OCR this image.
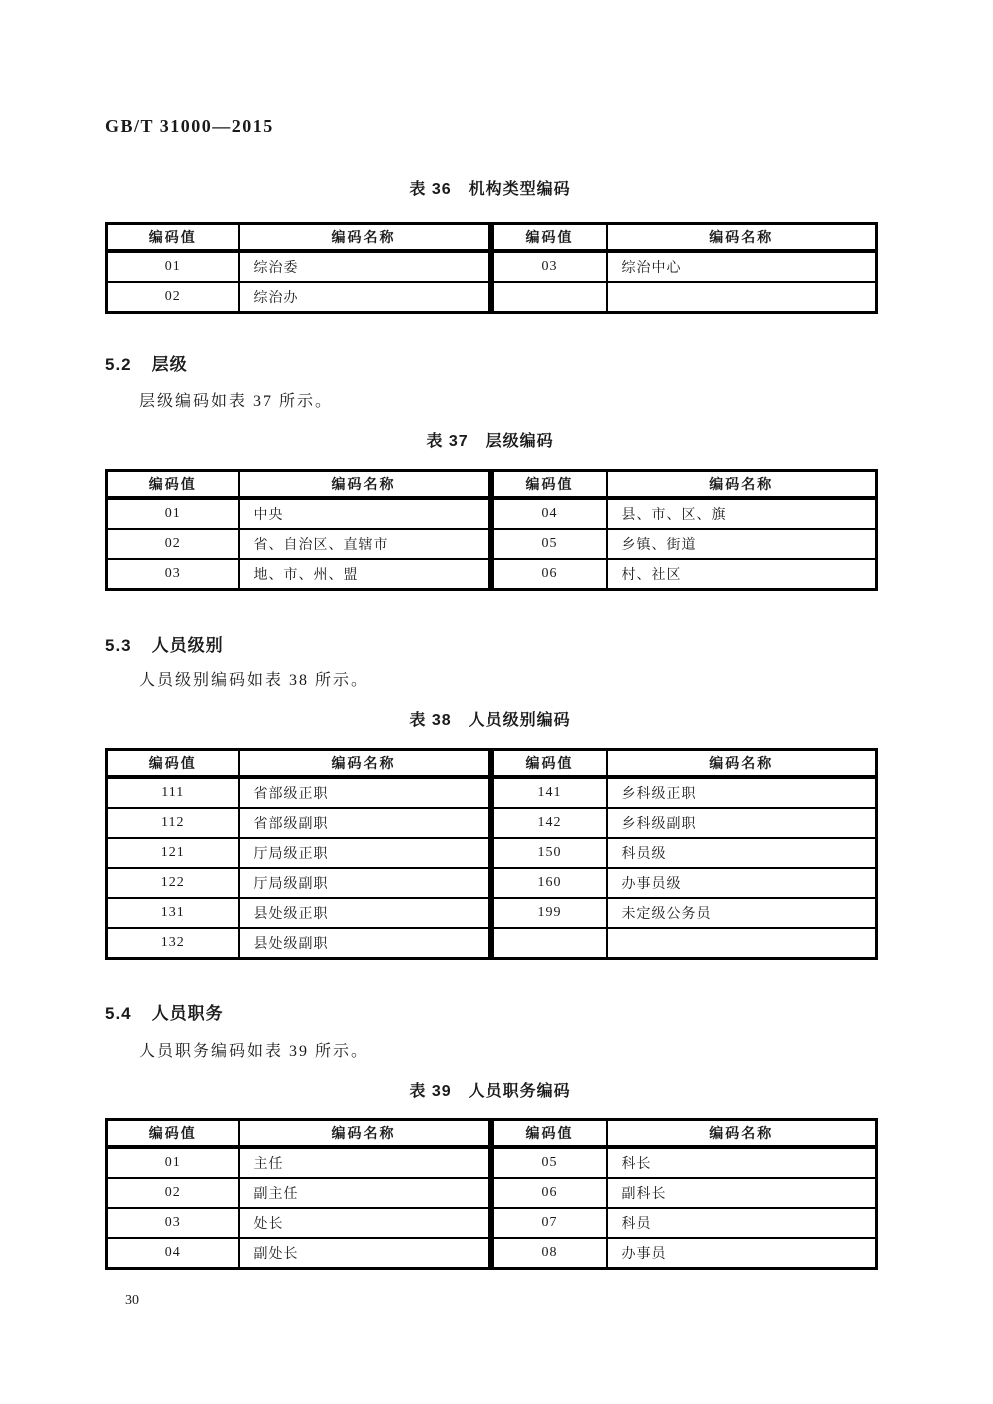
GB/T 31000—2015
表 36　机构类型编码
编码值	编码名称	编码值	编码名称
01	综治委	03	综治中心
02	综治办		
5.2 层级
层级编码如表 37 所示。
表 37　层级编码
编码值	编码名称	编码值	编码名称
01	中央	04	县、市、区、旗
02	省、自治区、直辖市	05	乡镇、街道
03	地、市、州、盟	06	村、社区
5.3 人员级别
人员级别编码如表 38 所示。
表 38　人员级别编码
编码值	编码名称	编码值	编码名称
111	省部级正职	141	乡科级正职
112	省部级副职	142	乡科级副职
121	厅局级正职	150	科员级
122	厅局级副职	160	办事员级
131	县处级正职	199	未定级公务员
132	县处级副职		
5.4 人员职务
人员职务编码如表 39 所示。
表 39　人员职务编码
编码值	编码名称	编码值	编码名称
01	主任	05	科长
02	副主任	06	副科长
03	处长	07	科员
04	副处长	08	办事员
30
